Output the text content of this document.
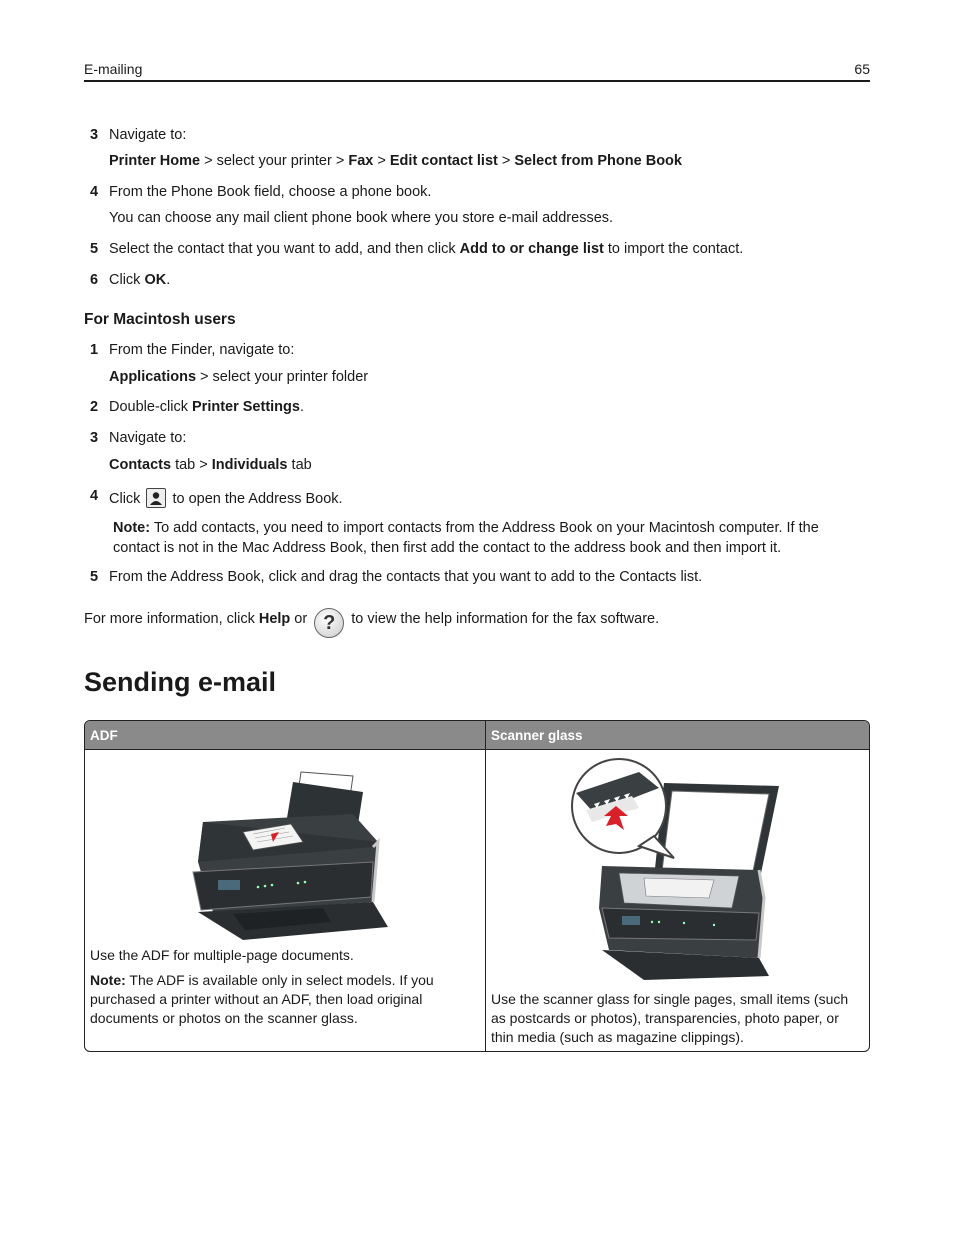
E-mailing	65
3 Navigate to:
Printer Home > select your printer > Fax > Edit contact list > Select from Phone Book
4 From the Phone Book field, choose a phone book.
You can choose any mail client phone book where you store e-mail addresses.
5 Select the contact that you want to add, and then click Add to or change list to import the contact.
6 Click OK.
For Macintosh users
1 From the Finder, navigate to:
Applications > select your printer folder
2 Double-click Printer Settings.
3 Navigate to:
Contacts tab > Individuals tab
4 Click  to open the Address Book.
Note: To add contacts, you need to import contacts from the Address Book on your Macintosh computer. If the contact is not in the Mac Address Book, then first add the contact to the address book and then import it.
5 From the Address Book, click and drag the contacts that you want to add to the Contacts list.
For more information, click Help or ? to view the help information for the fax software.
Sending e-mail
ADF	Scanner glass

Use the ADF for multiple-page documents.
Note: The ADF is available only in select models. If you purchased a printer without an ADF, then load original documents or photos on the scanner glass.	Use the scanner glass for single pages, small items (such as postcards or photos), transparencies, photo paper, or thin media (such as magazine clippings).
